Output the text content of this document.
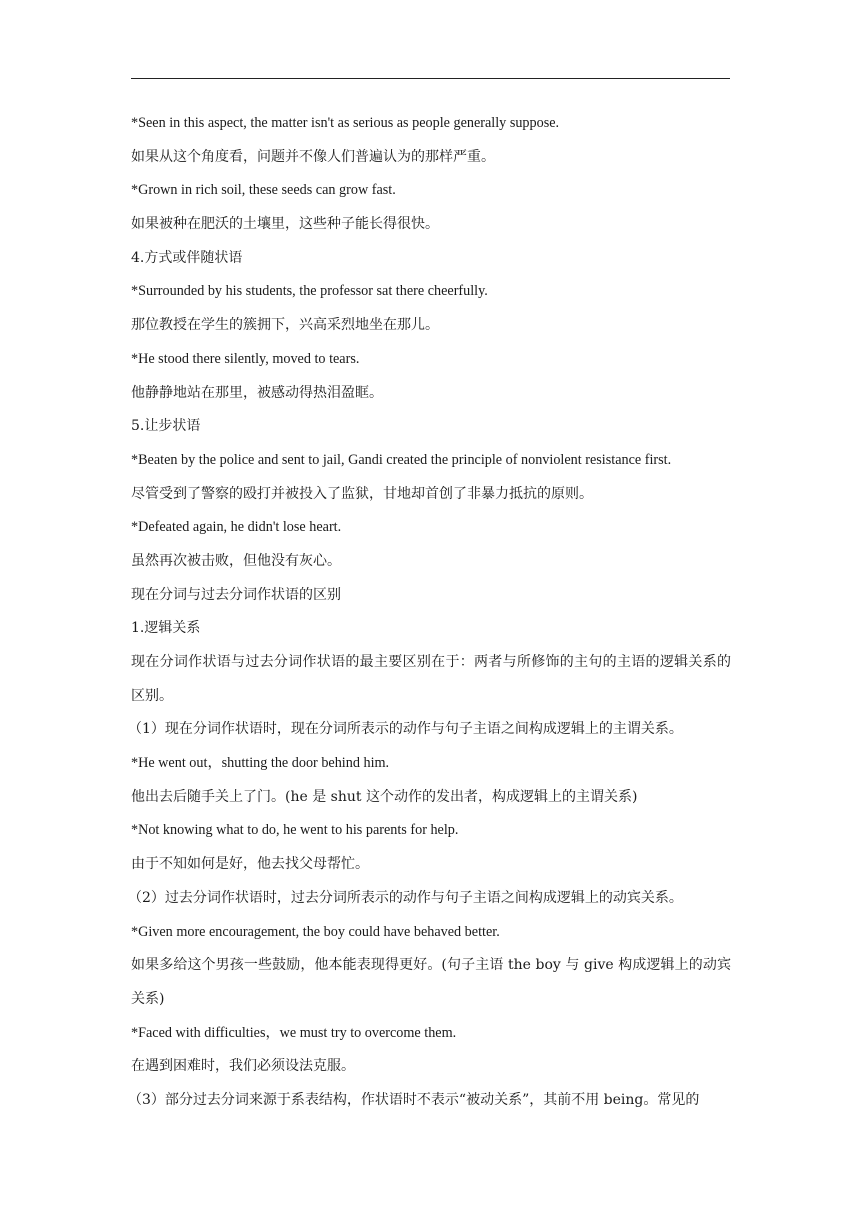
*Seen in this aspect, the matter isn't as serious as people generally suppose.
如果从这个角度看，问题并不像人们普遍认为的那样严重。
*Grown in rich soil, these seeds can grow fast.
如果被种在肥沃的土壤里，这些种子能长得很快。
4.方式或伴随状语
*Surrounded by his students, the professor sat there cheerfully.
那位教授在学生的簇拥下，兴高采烈地坐在那儿。
*He stood there silently, moved to tears.
他静静地站在那里，被感动得热泪盈眶。
5.让步状语
*Beaten by the police and sent to jail, Gandi created the principle of nonviolent resistance first.
尽管受到了警察的殴打并被投入了监狱，甘地却首创了非暴力抵抗的原则。
*Defeated again, he didn't lose heart.
虽然再次被击败，但他没有灰心。
现在分词与过去分词作状语的区别
1.逻辑关系
现在分词作状语与过去分词作状语的最主要区别在于：两者与所修饰的主句的主语的逻辑关系的区别。
（1）现在分词作状语时，现在分词所表示的动作与句子主语之间构成逻辑上的主谓关系。
*He went out，shutting the door behind him.
他出去后随手关上了门。(he 是 shut 这个动作的发出者，构成逻辑上的主谓关系)
*Not knowing what to do, he went to his parents for help.
由于不知如何是好，他去找父母帮忙。
（2）过去分词作状语时，过去分词所表示的动作与句子主语之间构成逻辑上的动宾关系。
*Given more encouragement, the boy could have behaved better.
如果多给这个男孩一些鼓励，他本能表现得更好。(句子主语 the boy 与 give 构成逻辑上的动宾关系)
*Faced with difficulties，we must try to overcome them.
在遇到困难时，我们必须设法克服。
（3）部分过去分词来源于系表结构，作状语时不表示“被动关系”，其前不用 being。常见的
